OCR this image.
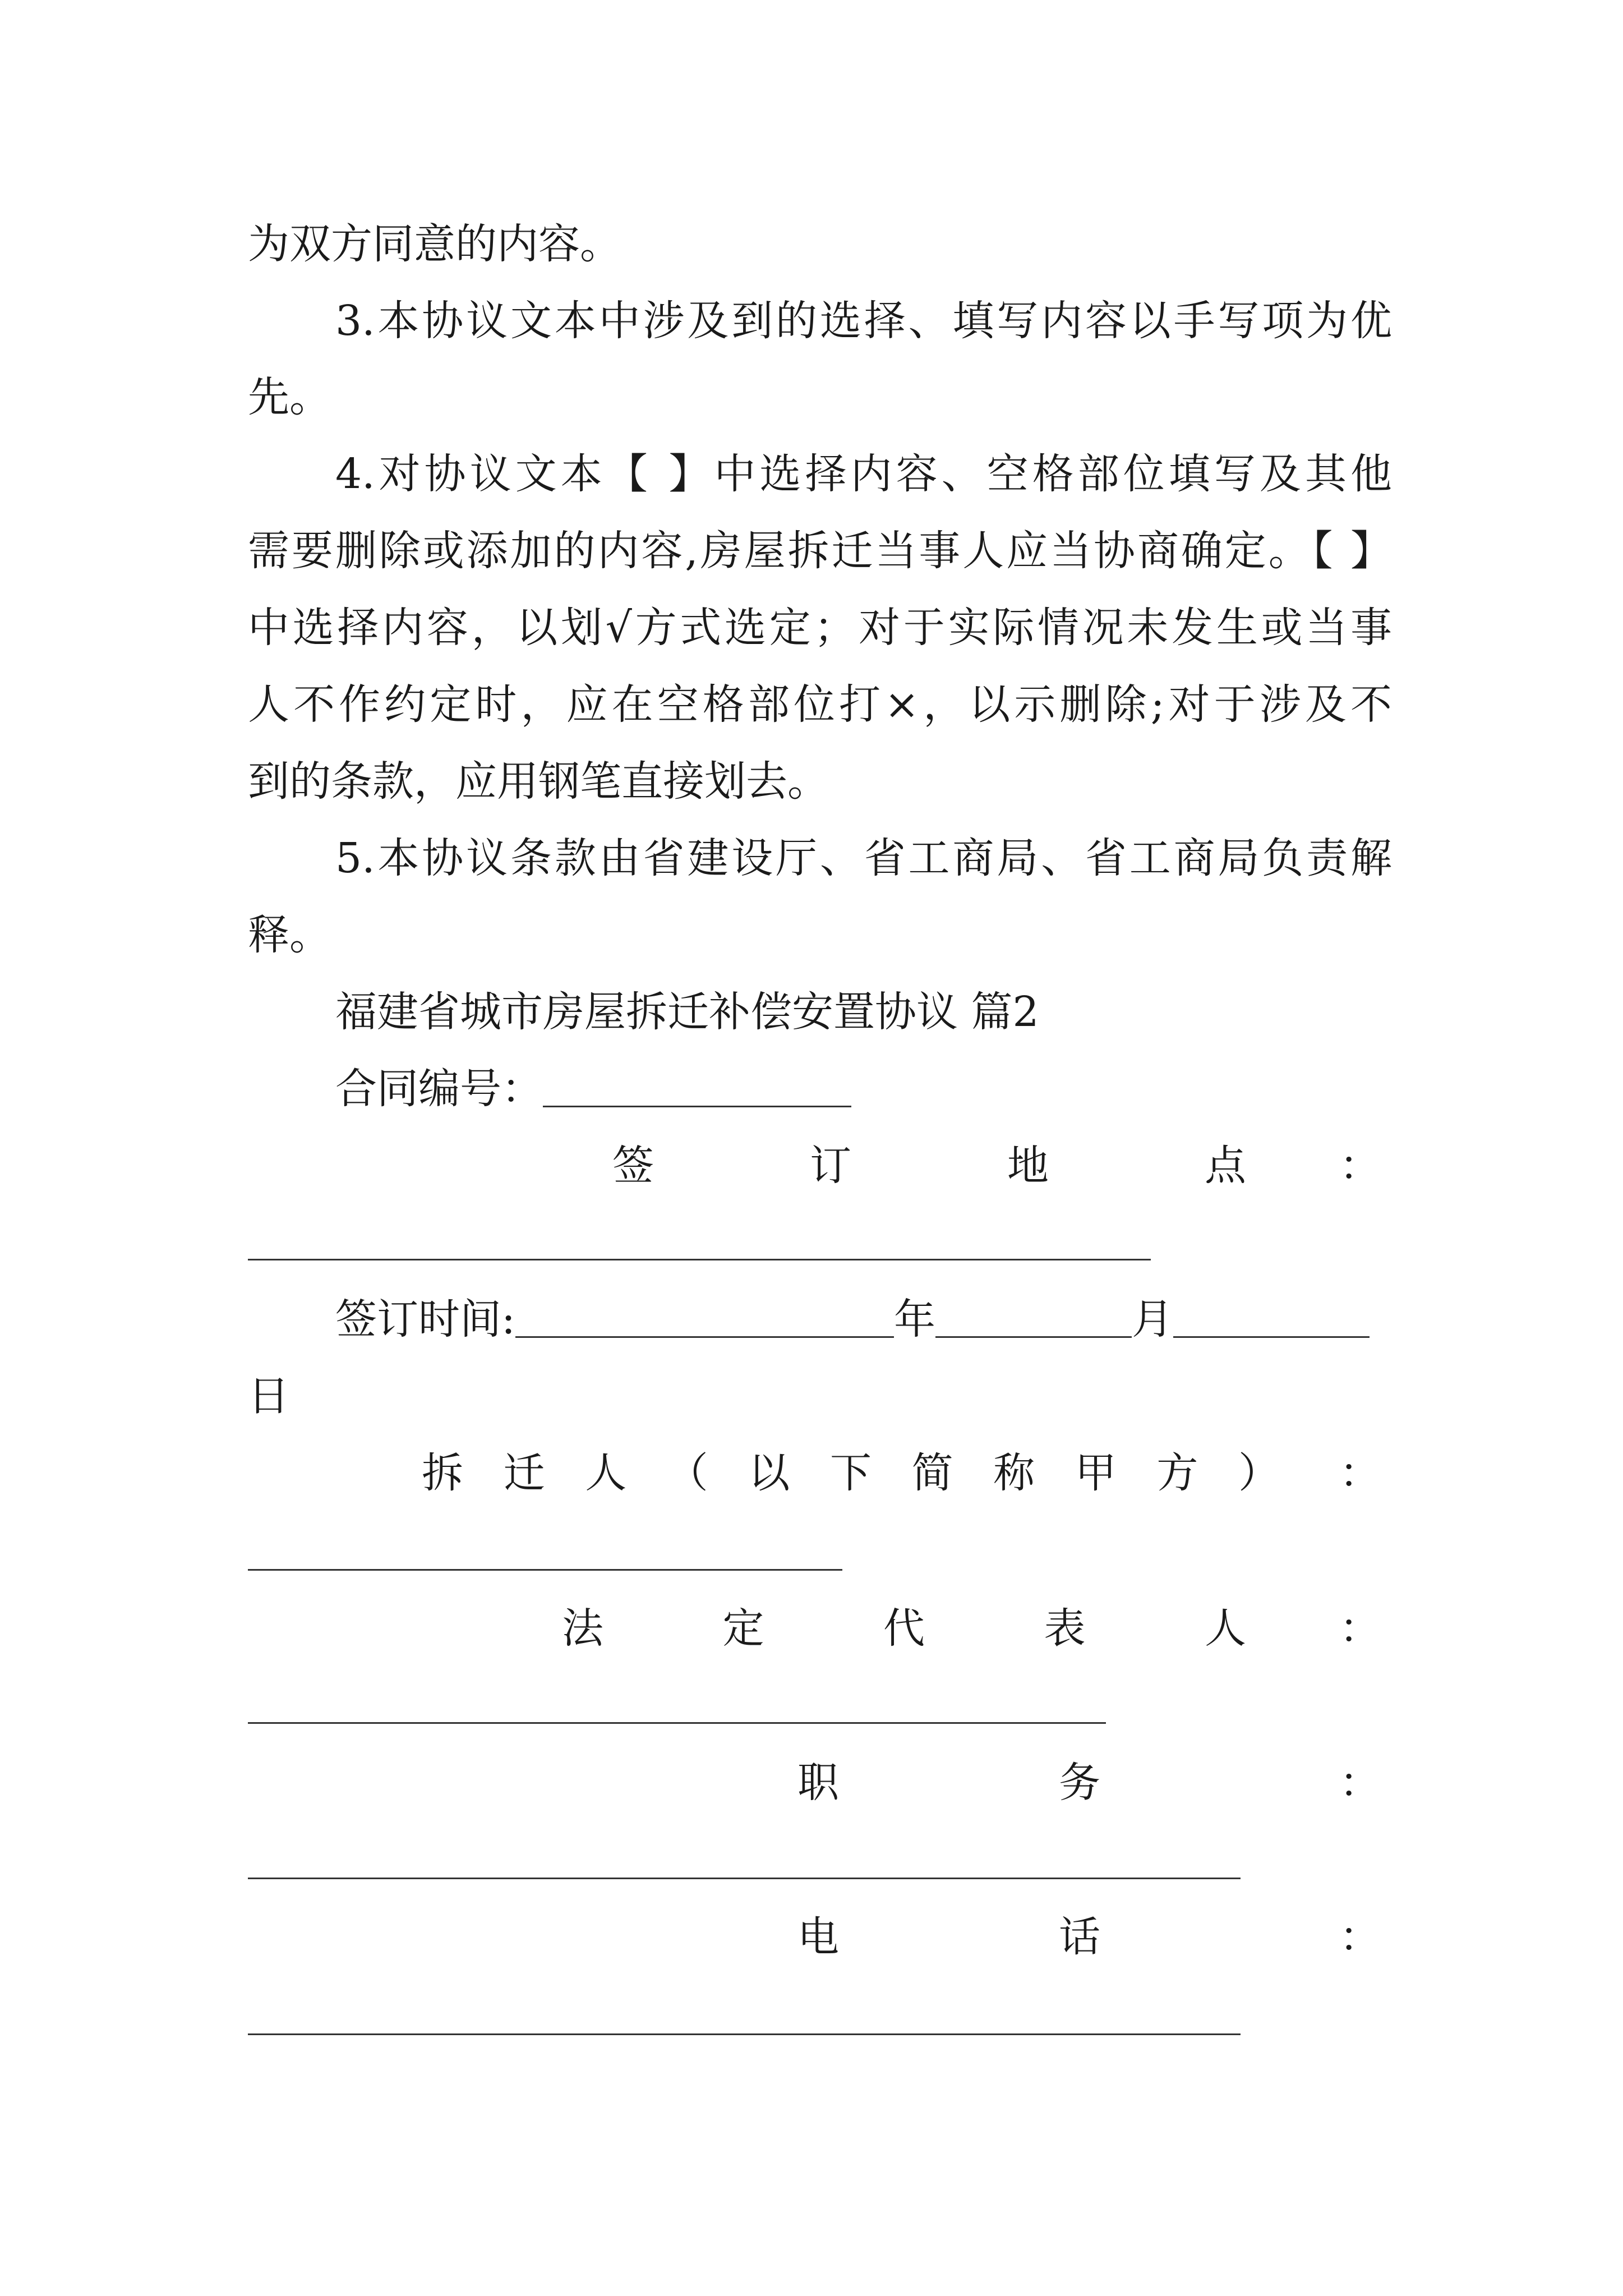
为双方同意的内容。
3.本协议文本中涉及到的选择、填写内容以手写项为优
先。
4.对协议文本【 】中选择内容、空格部位填写及其他
需要删除或添加的内容,房屋拆迁当事人应当协商确定。【 】
中选择内容，以划√方式选定；对于实际情况未发生或当事
人不作约定时，应在空格部位打×，以示删除;对于涉及不
到的条款，应用钢笔直接划去。
5.本协议条款由省建设厅、省工商局、省工商局负责解
释。
福建省城市房屋拆迁补偿安置协议 篇2
合同编号：
签	订	地	点 ：
签订时间:	年	月
日
拆 迁 人 （ 以 下 简 称 甲 方 ） ：
法	定	代	表	人 ：
职	务	：
电	话	：
